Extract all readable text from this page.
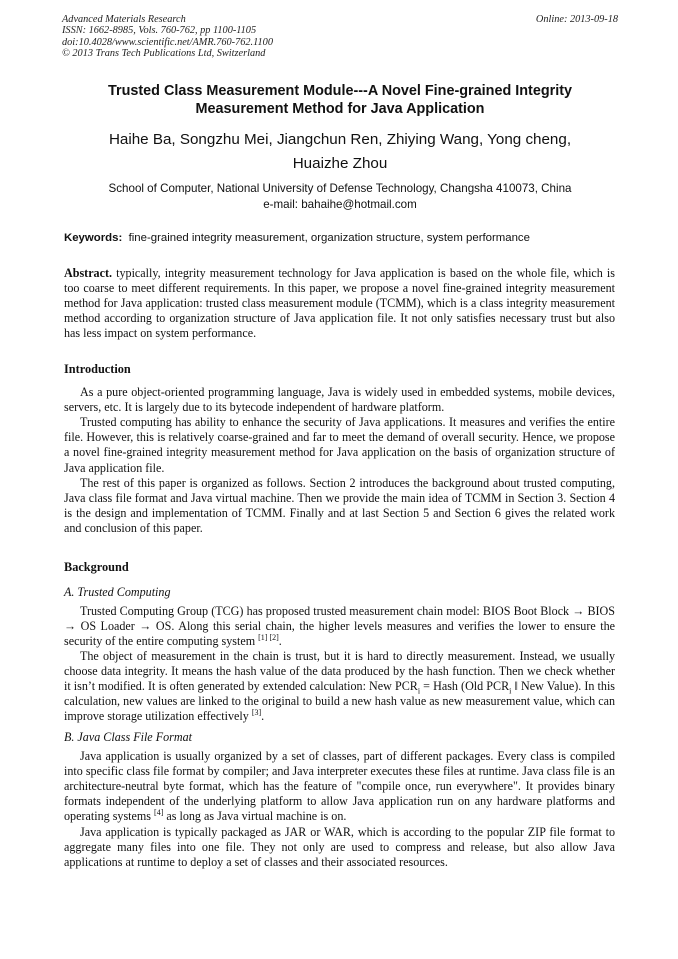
Advanced Materials Research
ISSN: 1662-8985, Vols. 760-762, pp 1100-1105
doi:10.4028/www.scientific.net/AMR.760-762.1100
© 2013 Trans Tech Publications Ltd, Switzerland
Online: 2013-09-18
Trusted Class Measurement Module---A Novel Fine-grained Integrity
Measurement Method for Java Application
Haihe Ba, Songzhu Mei, Jiangchun Ren, Zhiying Wang, Yong cheng,
Huaizhe Zhou
School of Computer, National University of Defense Technology, Changsha 410073, China
e-mail: bahaihe@hotmail.com
Keywords: fine-grained integrity measurement, organization structure, system performance

Abstract. typically, integrity measurement technology for Java application is based on the whole file, which is too coarse to meet different requirements. In this paper, we propose a novel fine-grained integrity measurement method for Java application: trusted class measurement module (TCMM), which is a class integrity measurement method according to organization structure of Java application file. It not only satisfies necessary trust but also has less impact on system performance.

Introduction

As a pure object-oriented programming language, Java is widely used in embedded systems, mobile devices, servers, etc. It is largely due to its bytecode independent of hardware platform.

Trusted computing has ability to enhance the security of Java applications. It measures and verifies the entire file. However, this is relatively coarse-grained and far to meet the demand of overall security. Hence, we propose a novel fine-grained integrity measurement method for Java application on the basis of organization structure of Java application file.

The rest of this paper is organized as follows. Section 2 introduces the background about trusted computing, Java class file format and Java virtual machine. Then we provide the main idea of TCMM in Section 3. Section 4 is the design and implementation of TCMM. Finally and at last Section 5 and Section 6 gives the related work and conclusion of this paper.

Background
A. Trusted Computing

Trusted Computing Group (TCG) has proposed trusted measurement chain model: BIOS Boot Block → BIOS → OS Loader → OS. Along this serial chain, the higher levels measures and verifies the lower to ensure the security of the entire computing system [1] [2].

The object of measurement in the chain is trust, but it is hard to directly measurement. Instead, we usually choose data integrity. It means the hash value of the data produced by the hash function. Then we check whether it isn’t modified. It is often generated by extended calculation: New $PCR_i$ = Hash (Old $PCR_i$ ‖ New Value). In this calculation, new values are linked to the original to build a new hash value as new measurement value, which can improve storage utilization effectively [3].

B. Java Class File Format

Java application is usually organized by a set of classes, part of different packages. Every class is compiled into specific class file format by compiler; and Java interpreter executes these files at runtime. Java class file is an architecture-neutral byte format, which has the feature of "compile once, run everywhere". It provides binary formats independent of the underlying platform to allow Java application run on any hardware platforms and operating systems [4] as long as Java virtual machine is on.

Java application is typically packaged as JAR or WAR, which is according to the popular ZIP file format to aggregate many files into one file. They not only are used to compress and release, but also allow Java applications at runtime to deploy a set of classes and their associated resources.
